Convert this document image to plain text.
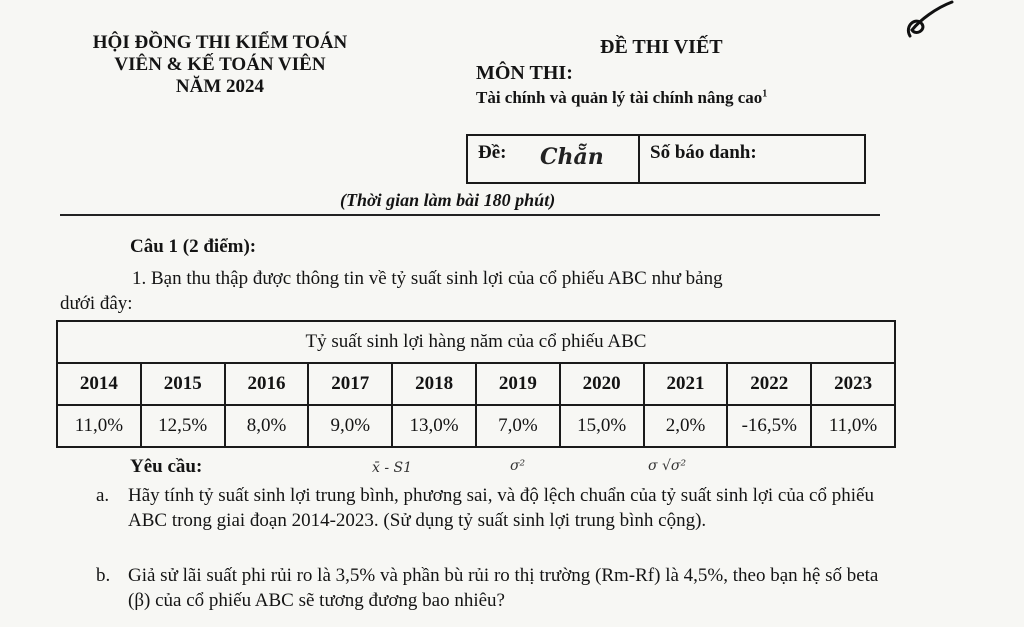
HỘI ĐỒNG THI KIỂM TOÁN
VIÊN & KẾ TOÁN VIÊN
NĂM 2024
ĐỀ THI VIẾT
MÔN THI:
Tài chính và quản lý tài chính nâng cao$^1$
Đề: Chẵn	Số báo danh:
(Thời gian làm bài 180 phút)
Câu 1 (2 điểm):
1. Bạn thu thập được thông tin về tỷ suất sinh lợi của cổ phiếu ABC như bảng
dưới đây:
Tỷ suất sinh lợi hàng năm của cổ phiếu ABC									
2014	2015	2016	2017	2018	2019	2020	2021	2022	2023
11,0%	12,5%	8,0%	9,0%	13,0%	7,0%	15,0%	2,0%	-16,5%	11,0%
Yêu cầu:	x̄ - S1	σ²	σ √σ²
a. Hãy tính tỷ suất sinh lợi trung bình, phương sai, và độ lệch chuẩn của tỷ suất sinh lợi của cổ phiếu ABC trong giai đoạn 2014-2023. (Sử dụng tỷ suất sinh lợi trung bình cộng).
b. Giả sử lãi suất phi rủi ro là 3,5% và phần bù rủi ro thị trường (Rm-Rf) là 4,5%, theo bạn hệ số beta (β) của cổ phiếu ABC sẽ tương đương bao nhiêu?
